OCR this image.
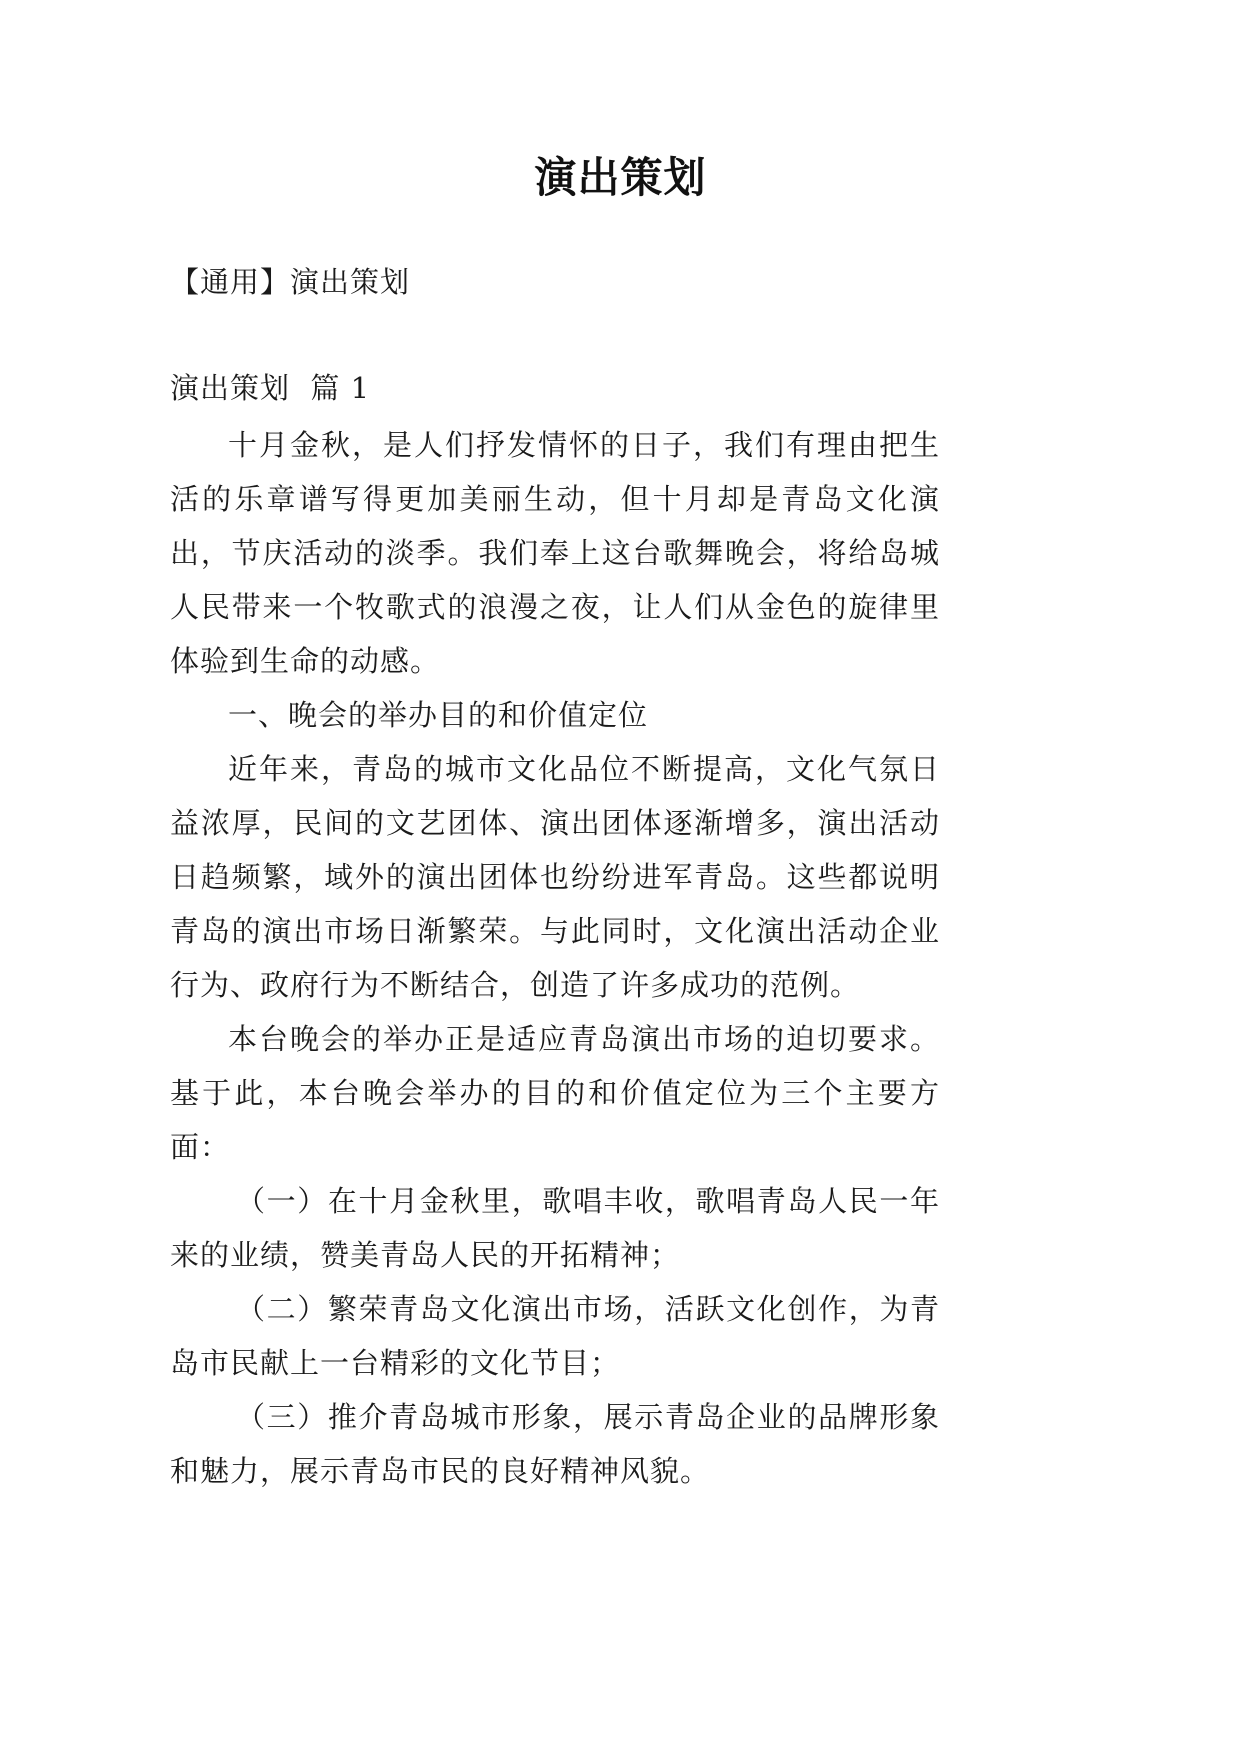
演出策划

【通用】演出策划

演出策划  篇 1

十月金秋，是人们抒发情怀的日子，我们有理由把生活的乐章谱写得更加美丽生动，但十月却是青岛文化演出，节庆活动的淡季。我们奉上这台歌舞晚会，将给岛城人民带来一个牧歌式的浪漫之夜，让人们从金色的旋律里体验到生命的动感。

一、晚会的举办目的和价值定位

近年来，青岛的城市文化品位不断提高，文化气氛日益浓厚，民间的文艺团体、演出团体逐渐增多，演出活动日趋频繁，域外的演出团体也纷纷进军青岛。这些都说明青岛的演出市场日渐繁荣。与此同时，文化演出活动企业行为、政府行为不断结合，创造了许多成功的范例。

本台晚会的举办正是适应青岛演出市场的迫切要求。基于此，本台晚会举办的目的和价值定位为三个主要方面：

（一）在十月金秋里，歌唱丰收，歌唱青岛人民一年来的业绩，赞美青岛人民的开拓精神；

（二）繁荣青岛文化演出市场，活跃文化创作，为青岛市民献上一台精彩的文化节目；

（三）推介青岛城市形象，展示青岛企业的品牌形象和魅力，展示青岛市民的良好精神风貌。
